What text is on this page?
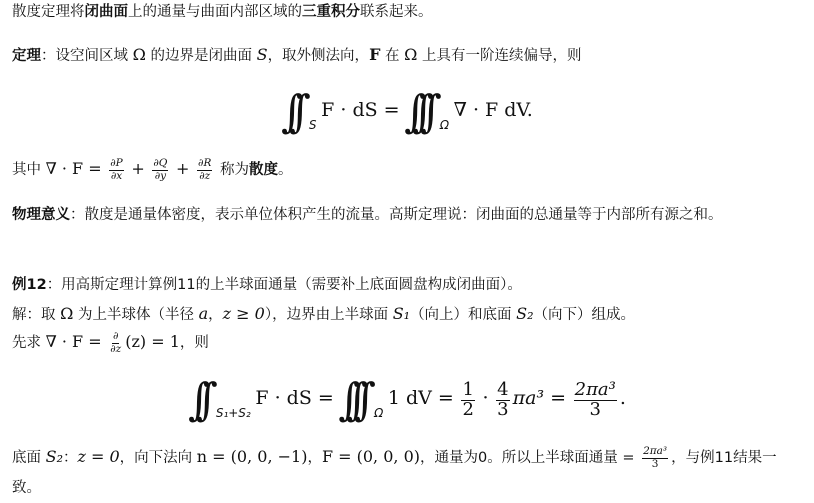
散度定理将闭曲面上的通量与曲面内部区域的三重积分联系起来。
定理：设空间区域 Ω 的边界是闭曲面 S，取外侧法向，F 在 Ω 上具有一阶连续偏导，则
∫∫ $_S$ F · dS = ∫∫∫ $_\Omega$ ∇ · F dV.
其中 ∇ · $F = \frac{\partial P}{\partial x} + \frac{\partial Q}{\partial y} + \frac{\partial R}{\partial z}$ 称为散度。
物理意义：散度是通量体密度，表示单位体积产生的流量。高斯定理说：闭曲面的总通量等于内部所有源之和。
例12：用高斯定理计算例11的上半球面通量（需要补上底面圆盘构成闭曲面）。
解：取 Ω 为上半球体（半径 a，z ≥ 0），边界由上半球面 S₁（向上）和底面 S₂（向下）组成。
先求 ∇ · $F = \frac{\partial}{\partial z} (z) = 1$，则
∫∫ $_{S_1+S_2}$ F · dS = ∫∫∫ $_\Omega$ 1 dV = $\frac{1}{2} \cdot \frac{4}{3} \pi a^3 = \frac{\text{2πa³}}{3}$ .
底面 S₂：z = 0，向下法向 n = (0, 0, −1)，F = (0, 0, 0)，通量为0。所以上半球面通量 = $\frac{\text{2πa³}}{3}$ ，与例11结果一致。
